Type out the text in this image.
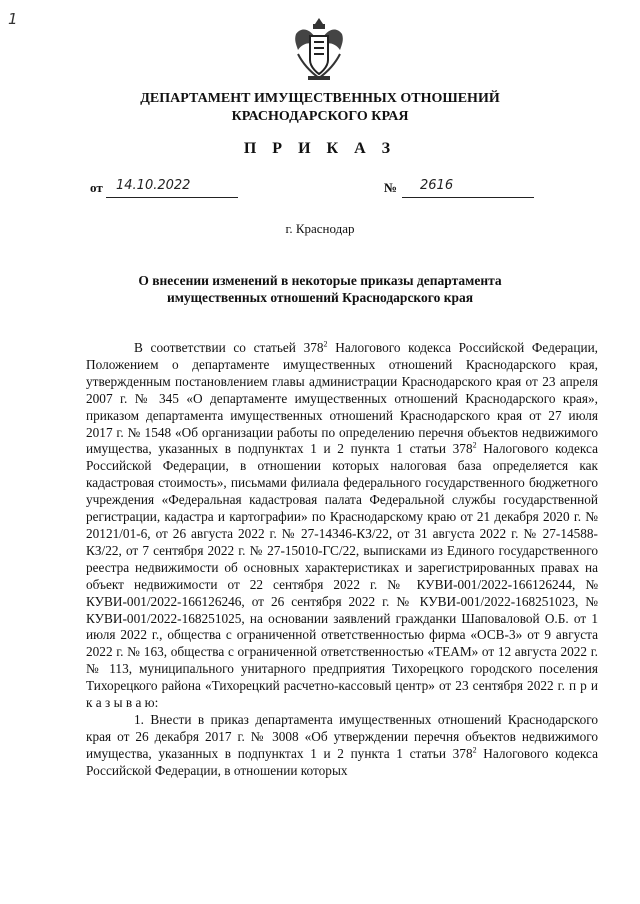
1
ДЕПАРТАМЕНТ ИМУЩЕСТВЕННЫХ ОТНОШЕНИЙ
КРАСНОДАРСКОГО КРАЯ
П Р И К А З
от 14.10.2022	№ 2616
г. Краснодар
О внесении изменений в некоторые приказы департамента
имущественных отношений Краснодарского края

В соответствии со статьей $378^2$ Налогового кодекса Российской Федерации, Положением о департаменте имущественных отношений Краснодарского края, утвержденным постановлением главы администрации Краснодарского края от 23 апреля 2007 г. № 345 «О департаменте имущественных отношений Краснодарского края», приказом департамента имущественных отношений Краснодарского края от 27 июля 2017 г. № 1548 «Об организации работы по определению перечня объектов недвижимого имущества, указанных в подпунктах 1 и 2 пункта 1 статьи $378^2$ Налогового кодекса Российской Федерации, в отношении которых налоговая база определяется как кадастровая стоимость», письмами филиала федерального государственного бюджетного учреждения «Федеральная кадастровая палата Федеральной службы государственной регистрации, кадастра и картографии» по Краснодарскому краю от 21 декабря 2020 г. № 20121/01-6, от 26 августа 2022 г. № 27-14346-КЗ/22, от 31 августа 2022 г. № 27-14588-КЗ/22, от 7 сентября 2022 г. № 27-15010-ГС/22, выписками из Единого государственного реестра недвижимости об основных характеристиках и зарегистрированных правах на объект недвижимости от 22 сентября 2022 г. № КУВИ-001/2022-166126244, № КУВИ-001/2022-166126246, от 26 сентября 2022 г. № КУВИ-001/2022-168251023, № КУВИ-001/2022-168251025, на основании заявлений гражданки Шаповаловой О.Б. от 1 июля 2022 г., общества с ограниченной ответственностью фирма «ОСВ-3» от 9 августа 2022 г. № 163, общества с ограниченной ответственностью «ТЕАМ» от 12 августа 2022 г. № 113, муниципального унитарного предприятия Тихорецкого городского поселения Тихорецкого района «Тихорецкий расчетно-кассовый центр» от 23 сентября 2022 г. п р и к а з ы в а ю:

1. Внести в приказ департамента имущественных отношений Краснодарского края от 26 декабря 2017 г. № 3008 «Об утверждении перечня объектов недвижимого имущества, указанных в подпунктах 1 и 2 пункта 1 статьи $378^2$ Налогового кодекса Российской Федерации, в отношении которых
